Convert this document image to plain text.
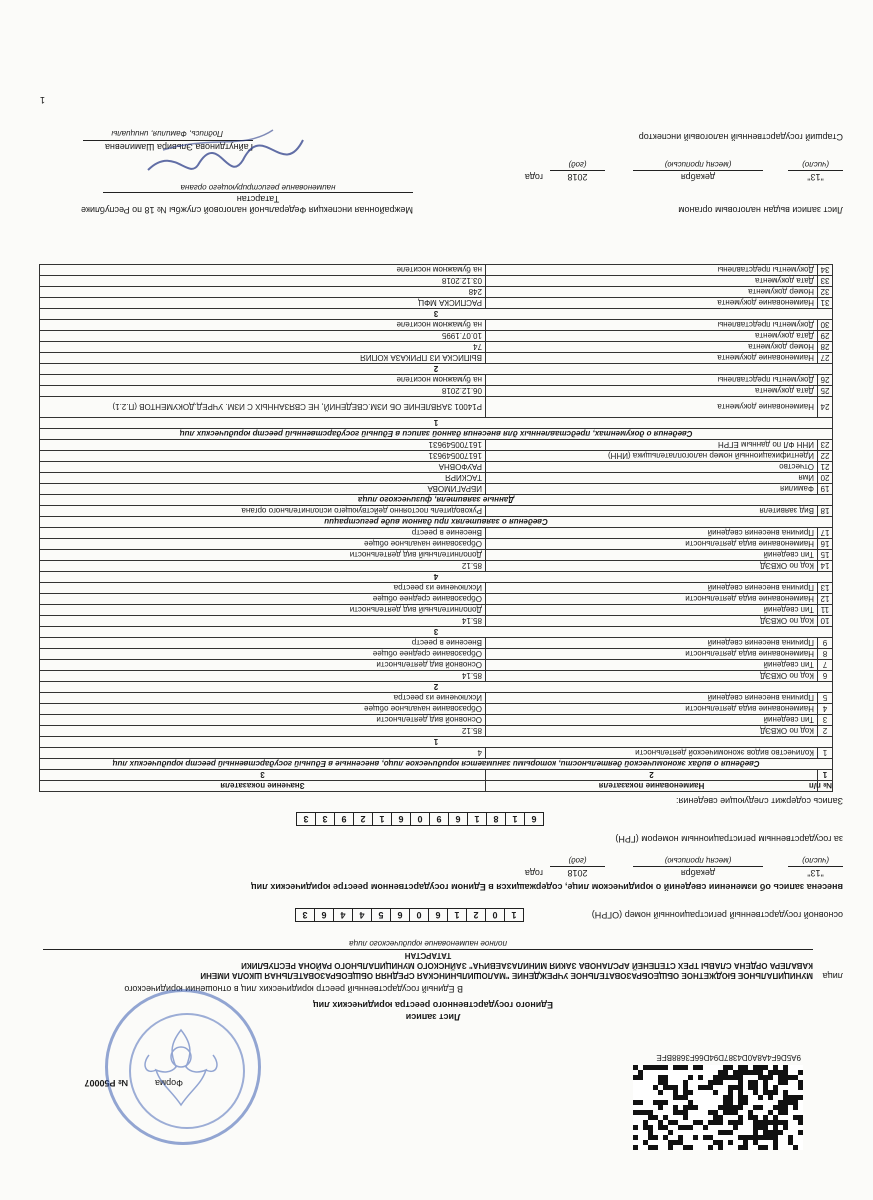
9A5D6F4A8A0D4387D94D66F3688BFE
Форма
№ Р50007
Лист записи
Единого государственного реестра юридических лиц
В Единый государственный реестр юридических лиц в отношении юридического
лица
МУНИЦИПАЛЬНОЕ БЮДЖЕТНОЕ ОБЩЕОБРАЗОВАТЕЛЬНОЕ УЧРЕЖДЕНИЕ "МАЛОШИЛЬНИНСКАЯ СРЕДНЯЯ ОБЩЕОБРАЗОВАТЕЛЬНАЯ ШКОЛА ИМЕНИ
КАВАЛЕРА ОРДЕНА СЛАВЫ ТРЕХ СТЕПЕНЕЙ АРСЛАНОВА ЗАКИЯ МИНИЛАЗАЕВИЧА" ЗАЙНСКОГО МУНИЦИПАЛЬНОГО РАЙОНА РЕСПУБЛИКИ
ТАТАРСТАН
полное наименование юридического лица
основной государственный регистрационный номер (ОГРН)
1
0
2
1
6
0
6
5
4
4
6
3
внесена запись об изменении сведений о юридическом лице, содержащихся в Едином государственном реестре юридических лиц
"13"
декабря
2018
года
(число)
(месяц прописью)
(год)
за государственным регистрационным номером (ГРН)
6
1
8
1
6
9
0
6
1
2
9
3
3
Запись содержит следующие сведения:
№ п/п	Наименование показателя	Значение показателя
1	2	3
Сведения о видах экономической деятельности, которыми занимается юридическое лицо, внесенные в Единый государственный реестр юридических лиц		
1	Количество видов экономической деятельности	4
1		
2	Код по ОКВЭД	85.12
3	Тип сведений	Основной вид деятельности
4	Наименование вида деятельности	Образование начальное общее
5	Причина внесения сведений	Исключение из реестра
2		
6	Код по ОКВЭД	85.14
7	Тип сведений	Основной вид деятельности
8	Наименование вида деятельности	Образование среднее общее
9	Причина внесения сведений	Внесение в реестр
3		
10	Код по ОКВЭД	85.14
11	Тип сведений	Дополнительный вид деятельности
12	Наименование вида деятельности	Образование среднее общее
13	Причина внесения сведений	Исключение из реестра
4		
14	Код по ОКВЭД	85.12
15	Тип сведений	Дополнительный вид деятельности
16	Наименование вида деятельности	Образование начальное общее
17	Причина внесения сведений	Внесение в реестр
Сведения о заявителях при данном виде регистрации		
18	Вид заявителя	Руководитель постоянно действующего исполнительного органа
Данные заявителя, физического лица		
19	Фамилия	ИБРАГИМОВА
20	Имя	ТАСКИРЯ
21	Отчество	РАУФОВНА
22	Идентификационный номер налогоплательщика (ИНН)	161700549631
23	ИНН ФЛ по данным ЕГРН	161700549631
Сведения о документах, представленных для внесения данной записи в Единый государственный реестр юридических лиц		
1		
24	Наименование документа	Р14001 ЗАЯВЛЕНИЕ ОБ ИЗМ.СВЕДЕНИЙ, НЕ СВЯЗАННЫХ С ИЗМ. УЧРЕД.ДОКУМЕНТОВ (П.2.1)
25	Дата документа	06.12.2018
26	Документы представлены	на бумажном носителе
2		
27	Наименование документа	ВЫПИСКА ИЗ ПРИКАЗА КОПИЯ
28	Номер документа	74
29	Дата документа	10.07.1995
30	Документы представлены	на бумажном носителе
3		
31	Наименование документа	РАСПИСКА МФЦ
32	Номер документа	248
33	Дата документа	03.12.2018
34	Документы представлены	на бумажном носителе
Лист записи выдан налоговым органом
Межрайонная инспекция Федеральной налоговой службы № 18 по Республике
Татарстан
наименование регистрирующего органа
"13"
декабря
2018
года
(число)
(месяц прописью)
(год)
Старший государственный налоговый инспектор
Гайнутдинова Эльвира Шамилевна
Подпись, Фамилия, инициалы
1
